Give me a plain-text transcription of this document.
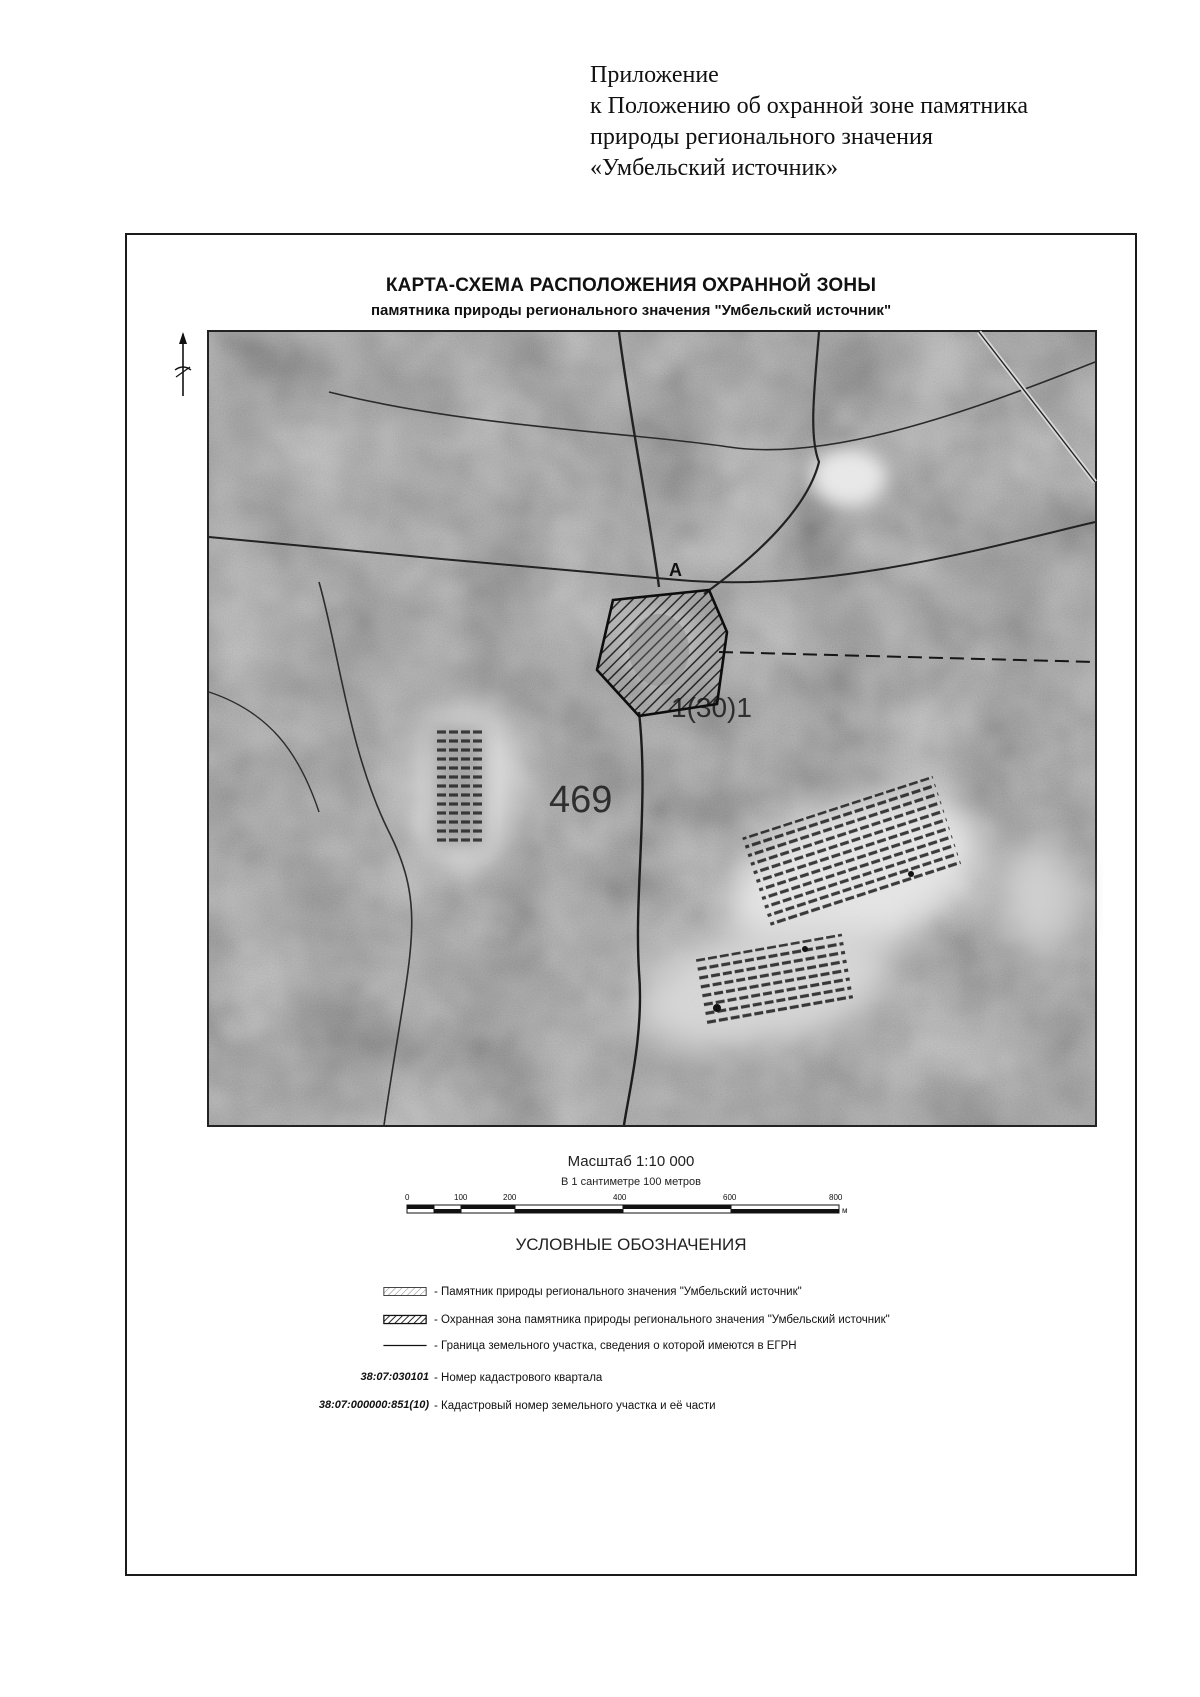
Приложение
к Положению об охранной зоне памятника
природы регионального значения
«Умбельский источник»
КАРТА-СХЕМА РАСПОЛОЖЕНИЯ ОХРАННОЙ ЗОНЫ
памятника природы регионального значения "Умбельский источник"
469
1(30)1
A
Масштаб 1:10 000
В 1 сантиметре 100 метров
0	100	200	400	600	800
м
УСЛОВНЫЕ ОБОЗНАЧЕНИЯ
- Памятник природы регионального значения "Умбельский источник"
- Охранная зона памятника природы регионального значения "Умбельский источник"
- Граница земельного участка, сведения о которой имеются в ЕГРН
38:07:030101 - Номер кадастрового квартала
38:07:000000:851(10) - Кадастровый номер земельного участка и её части
